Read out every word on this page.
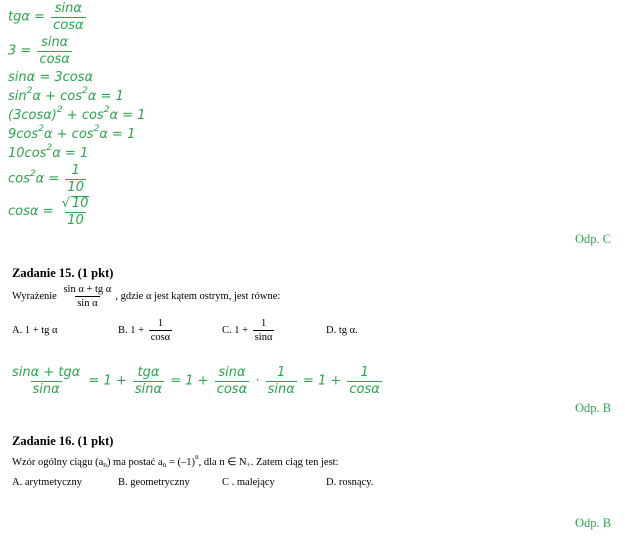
$tg\alpha = \frac{\sin\alpha}{\cos\alpha}$
$3 = \frac{\sin\alpha}{\cos\alpha}$
sinα = 3cosα
$\sin^2\alpha + \cos^2\alpha = 1$
$(3\cos\alpha)^2 + \cos^2\alpha = 1$
$9\cos^2\alpha + \cos^2\alpha = 1$
$10\cos^2\alpha = 1$
$\cos^2\alpha = \frac{1}{10}$
$\cos\alpha = \frac{√ 10}{10}$
Odp. C
Zadanie 15. (1 pkt)
Wyrażenie $\frac{\text{sin α + tg α}}{\text{sin α}}$ , gdzie α jest kątem ostrym, jest równe:
A. 1 + tg α	B. $1 + \frac{1}{\cos\alpha}$	C. $1 + \frac{1}{\sin\alpha}$	D. tg α.
$\frac{\text{sinα + tgα}}{\sin\alpha} = 1 + \frac{\text{tgα}}{\sin\alpha} = 1 + \frac{\sin\alpha}{\cos\alpha} \cdot \frac{1}{\sin\alpha} = 1 + \frac{1}{\cos\alpha}$
Odp. B
Zadanie 16. (1 pkt)
Wzór ogólny ciągu $(a_n)$ ma postać $a_n = (-1)^n$, dla n ∈ $N_+$. Zatem ciąg ten jest:
A. arytmetyczny	B. geometryczny	C . malejący	D. rosnący.
Odp. B
